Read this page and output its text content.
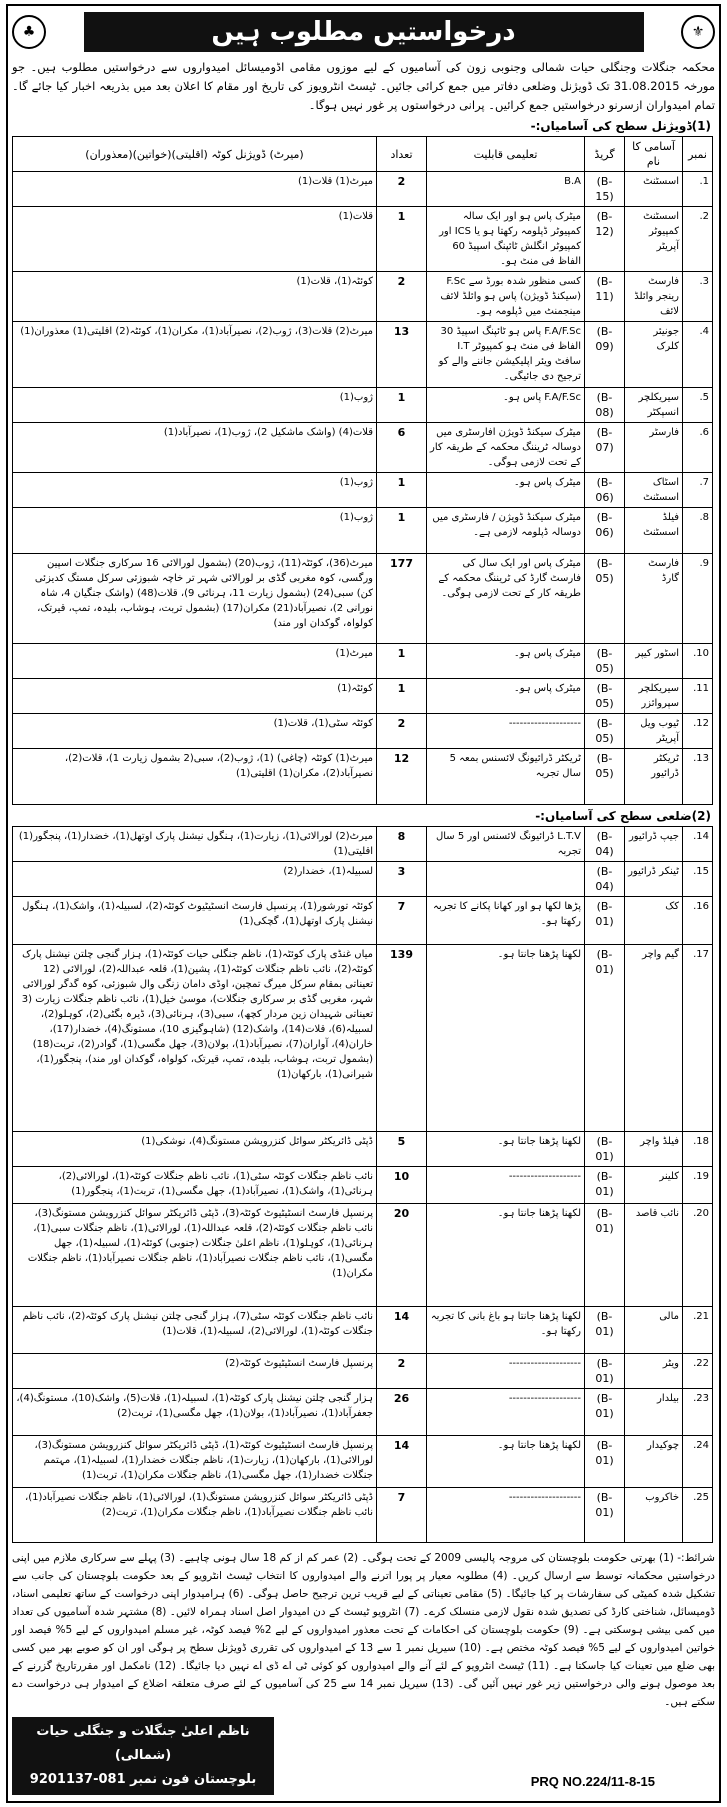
♣	درخواستیں مطلوب ہیں	⚜
محکمہ جنگلات وجنگلی حیات شمالی وجنوبی زون کی آسامیوں کے لیے موزوں مقامی اڈومیسائل امیدواروں سے درخواستیں مطلوب ہیں۔ جو مورخہ 31.08.2015 تک ڈویژنل وضلعی دفاتر میں جمع کرائی جائیں۔ ٹیسٹ انٹرویوز کی تاریخ اور مقام کا اعلان بعد میں بذریعہ اخبار کیا جائے گا۔ تمام امیدواران ازسرنو درخواستیں جمع کرائیں۔ پرانی درخواستوں پر غور نہیں ہوگا۔
(1)ڈویژنل سطح کی آسامیاں:-
نمبر	آسامی کا نام	گریڈ	تعلیمی قابلیت	تعداد	(میرٹ) ڈویژنل کوٹہ (اقلیتی)(خواتین)(معذوران)
1.	اسسٹنٹ	(B-15)	B.A	2	میرٹ(1) قلات(1)
2.	اسسٹنٹ کمپیوٹر آپریٹر	(B-12)	میٹرک پاس ہو اور ایک سالہ کمپیوٹر ڈپلومہ رکھتا ہو یا ICS اور کمپیوٹر انگلش ٹائپنگ اسپیڈ 60 الفاظ فی منٹ ہو۔	1	قلات(1)
3.	فارسٹ رینجر وائلڈ لائف	(B-11)	کسی منظور شدہ بورڈ سے F.Sc (سیکنڈ ڈویژن) پاس ہو وائلڈ لائف مینجمنٹ میں ڈپلومہ ہو۔	2	کوئٹہ(1)، قلات(1)
4.	جونیئر کلرک	(B-09)	F.A/F.Sc پاس ہو ٹائپنگ اسپیڈ 30 الفاظ فی منٹ ہو کمپیوٹر I.T سافٹ ویئر اپلیکیشن جاننے والے کو ترجیح دی جائیگی۔	13	میرٹ(2) قلات(3)، ژوب(2)، نصیرآباد(1)، مکران(1)، کوئٹہ(2) اقلیتی(1) معذوران(1)
5.	سیریکلچر انسپکٹر	(B-08)	F.A/F.Sc پاس ہو۔	1	ژوب(1)
6.	فارسٹر	(B-07)	میٹرک سیکنڈ ڈویژن افارسٹری میں دوسالہ ٹریننگ محکمہ کے طریقہ کار کے تحت لازمی ہوگی۔	6	قلات(4) (واشک ماشکیل 2)، ژوب(1)، نصیرآباد(1)
7.	اسٹاک اسسٹنٹ	(B-06)	میٹرک پاس ہو۔	1	ژوب(1)
8.	فیلڈ اسسٹنٹ	(B-06)	میٹرک سیکنڈ ڈویژن / فارسٹری میں دوسالہ ڈپلومہ لازمی ہے۔	1	ژوب(1)
9.	فارسٹ گارڈ	(B-05)	میٹرک پاس اور ایک سال کی فارسٹ گارڈ کی ٹریننگ محکمہ کے طریقہ کار کے تحت لازمی ہوگی۔	177	میرٹ(36)، کوئٹہ(11)، ژوب(20) (بشمول لورالائی 16 سرکاری جنگلات اسپین ورگسی، کوہ مغربی گڈی بر لورالائی شہر تر خاچہ شبوزئی سرکل مستگ کدیزئی کن) سبی(24) (بشمول زیارت 11، ہرنائی 9)، قلات(48) (واشک جنگیان 4، شاہ نورانی 2)، نصیرآباد(21) مکران(17) (بشمول تربت، ہوشاب، بلیدہ، تمپ، قیرتک، کولواہ، گوکدان اور مند)
10.	اسٹور کیپر	(B-05)	میٹرک پاس ہو۔	1	میرٹ(1)
11.	سیریکلچر سپروائزر	(B-05)	میٹرک پاس ہو۔	1	کوئٹہ(1)
12.	ٹیوب ویل آپریٹر	(B-05)	--------------------	2	کوئٹہ سٹی(1)، قلات(1)
13.	ٹریکٹر ڈرائیور	(B-05)	ٹریکٹر ڈرائیونگ لائسنس بمعہ 5 سال تجربہ	12	میرٹ(1) کوئٹہ (چاغی) (1)، ژوب(2)، سبی(2 بشمول زیارت 1)، قلات(2)، نصیرآباد(2)، مکران(1) اقلیتی(1)
(2)ضلعی سطح کی آسامیاں:-
14.	جیپ ڈرائیور	(B-04)	L.T.V ڈرائیونگ لائسنس اور 5 سال تجربہ	8	میرٹ(2) لورالائی(1)، زیارت(1)، ہنگول نیشنل پارک اوتھل(1)، خضدار(1)، پنجگور(1) اقلیتی(1)
15.	ٹینکر ڈرائیور	(B-04)		3	لسبیلہ(1)، خضدار(2)
16.	کک	(B-01)	پڑھا لکھا ہو اور کھانا پکانے کا تجربہ رکھتا ہو۔	7	کوئٹہ تورشور(1)، پرنسپل فارسٹ انسٹیٹیوٹ کوئٹہ(2)، لسبیلہ(1)، واشک(1)، ہنگول نیشنل پارک اوتھل(1)، گچکی(1)
17.	گیم واچر	(B-01)	لکھنا پڑھنا جانتا ہو۔	139	میاں غنڈی پارک کوئٹہ(1)، ناظم جنگلی حیات کوئٹہ(1)، ہزار گنجی چلتن نیشنل پارک کوئٹہ(2)، نائب ناظم جنگلات کوئٹہ(1)، پشین(1)، قلعہ عبداللہ(2)، لورالائی (12 تعیناتی بمقام سرکل میرگ تمچین، اوڈی دامان زنگی وال شبوزئی، کوہ گدگر لورالائی شہر، مغربی گڈی بر سرکاری جنگلات)، موسیٰ خیل(1)، نائب ناظم جنگلات زیارت (3 تعیناتی شہیدان زین مردار کچھ)، سبی(3)، ہرنائی(3)، ڈیرہ بگٹی(2)، کوہلو(2)، لسبیلہ(6)، قلات(14)، واشک(12) (شاہوگیزی 10)، مستونگ(4)، خضدار(17)، خاران(4)، آواران(7)، نصیرآباد(1)، بولان(3)، جھل مگسی(1)، گوادر(2)، تربت(18) (بشمول تربت، ہوشاب، بلیدہ، تمپ، قیرتک، کولواہ، گوکدان اور مند)، پنجگور(1)، شیرانی(1)، بارکھان(1)
18.	فیلڈ واچر	(B-01)	لکھنا پڑھنا جانتا ہو۔	5	ڈپٹی ڈائریکٹر سوائل کنزرویشن مستونگ(4)، نوشکی(1)
19.	کلینر	(B-01)	--------------------	10	نائب ناظم جنگلات کوئٹہ سٹی(1)، نائب ناظم جنگلات کوئٹہ(1)، لورالائی(2)، ہرنائی(1)، واشک(1)، نصیرآباد(1)، جھل مگسی(1)، تربت(1)، پنجگور(1)
20.	نائب قاصد	(B-01)	لکھنا پڑھنا جانتا ہو۔	20	پرنسپل فارسٹ انسٹیٹیوٹ کوئٹہ(3)، ڈپٹی ڈائریکٹر سوائل کنزرویشن مستونگ(3)، نائب ناظم جنگلات کوئٹہ(2)، قلعہ عبداللہ(1)، لورالائی(1)، ناظم جنگلات سبی(1)، ہرنائی(1)، کوہلو(1)، ناظم اعلیٰ جنگلات (جنوبی) کوئٹہ(1)، لسبیلہ(1)، جھل مگسی(1)، نائب ناظم جنگلات نصیرآباد(1)، ناظم جنگلات نصیرآباد(1)، ناظم جنگلات مکران(1)
21.	مالی	(B-01)	لکھنا پڑھنا جانتا ہو باغ بانی کا تجربہ رکھتا ہو۔	14	نائب ناظم جنگلات کوئٹہ سٹی(7)، ہزار گنجی چلتن نیشنل پارک کوئٹہ(2)، نائب ناظم جنگلات کوئٹہ(1)، لورالائی(2)، لسبیلہ(1)، قلات(1)
22.	ویٹر	(B-01)	--------------------	2	پرنسپل فارسٹ انسٹیٹیوٹ کوئٹہ(2)
23.	بیلدار	(B-01)	--------------------	26	ہزار گنجی چلتن نیشنل پارک کوئٹہ(1)، لسبیلہ(1)، قلات(5)، واشک(10)، مستونگ(4)، جعفرآباد(1)، نصیرآباد(1)، بولان(1)، جھل مگسی(1)، تربت(2)
24.	چوکیدار	(B-01)	لکھنا پڑھنا جانتا ہو۔	14	پرنسپل فارسٹ انسٹیٹیوٹ کوئٹہ(1)، ڈپٹی ڈائریکٹر سوائل کنزرویشن مستونگ(3)، لورالائی(1)، بارکھان(1)، زیارت(1)، ناظم جنگلات خضدار(1)، لسبیلہ(1)، مہتمم جنگلات خضدار(1)، جھل مگسی(1)، ناظم جنگلات مکران(1)، تربت(1)
25.	خاکروب	(B-01)	--------------------	7	ڈپٹی ڈائریکٹر سوائل کنزرویشن مستونگ(1)، لورالائی(1)، ناظم جنگلات نصیرآباد(1)، نائب ناظم جنگلات نصیرآباد(1)، ناظم جنگلات مکران(1)، تربت(2)
شرائط:- (1) بھرتی حکومت بلوچستان کی مروجہ پالیسی 2009 کے تحت ہوگی۔ (2) عمر کم از کم 18 سال ہونی چاہیے۔ (3) پہلے سے سرکاری ملازم میں اپنی درخواستیں محکمانہ توسط سے ارسال کریں۔ (4) مطلوبہ معیار پر پورا اترنے والے امیدواروں کا انتخاب ٹیسٹ انٹرویو کے بعد حکومت بلوچستان کی جانب سے تشکیل شدہ کمیٹی کی سفارشات پر کیا جائیگا۔ (5) مقامی تعیناتی کے لیے قریب ترین ترجیح حاصل ہوگی۔ (6) ہرامیدوار اپنی درخواست کے ساتھ تعلیمی اسناد، ڈومیسائل، شناختی کارڈ کی تصدیق شدہ نقول لازمی منسلک کرے۔ (7) انٹرویو ٹیسٹ کے دن امیدوار اصل اسناد ہمراہ لائیں۔ (8) مشتہر شدہ آسامیوں کی تعداد میں کمی بیشی ہوسکتی ہے۔ (9) حکومت بلوچستان کی احکامات کے تحت معذور امیدواروں کے لیے 2% فیصد کوٹہ، غیر مسلم امیدواروں کے لیے 5% فیصد اور خواتین امیدواروں کے لیے 5% فیصد کوٹہ مختص ہے۔ (10) سیریل نمبر 1 سے 13 کے امیدواروں کی تقرری ڈویژنل سطح پر ہوگی اور ان کو صوبے بھر میں کسی بھی ضلع میں تعینات کیا جاسکتا ہے۔ (11) ٹیسٹ انٹرویو کے لئے آنے والے امیدواروں کو کوئی ٹی اے ڈی اے نہیں دیا جائیگا۔ (12) نامکمل اور مقررتاریخ گزرنے کے بعد موصول ہونے والی درخواستیں زیر غور نہیں آئیں گی۔ (13) سیریل نمبر 14 سے 25 کی آسامیوں کے لئے صرف متعلقہ اضلاع کے امیدوار ہی درخواست دے سکتے ہیں۔
ناظم اعلیٰ جنگلات و جنگلی حیات (شمالی)
بلوچستان فون نمبر 081-9201137	PRQ NO.224/11-8-15
